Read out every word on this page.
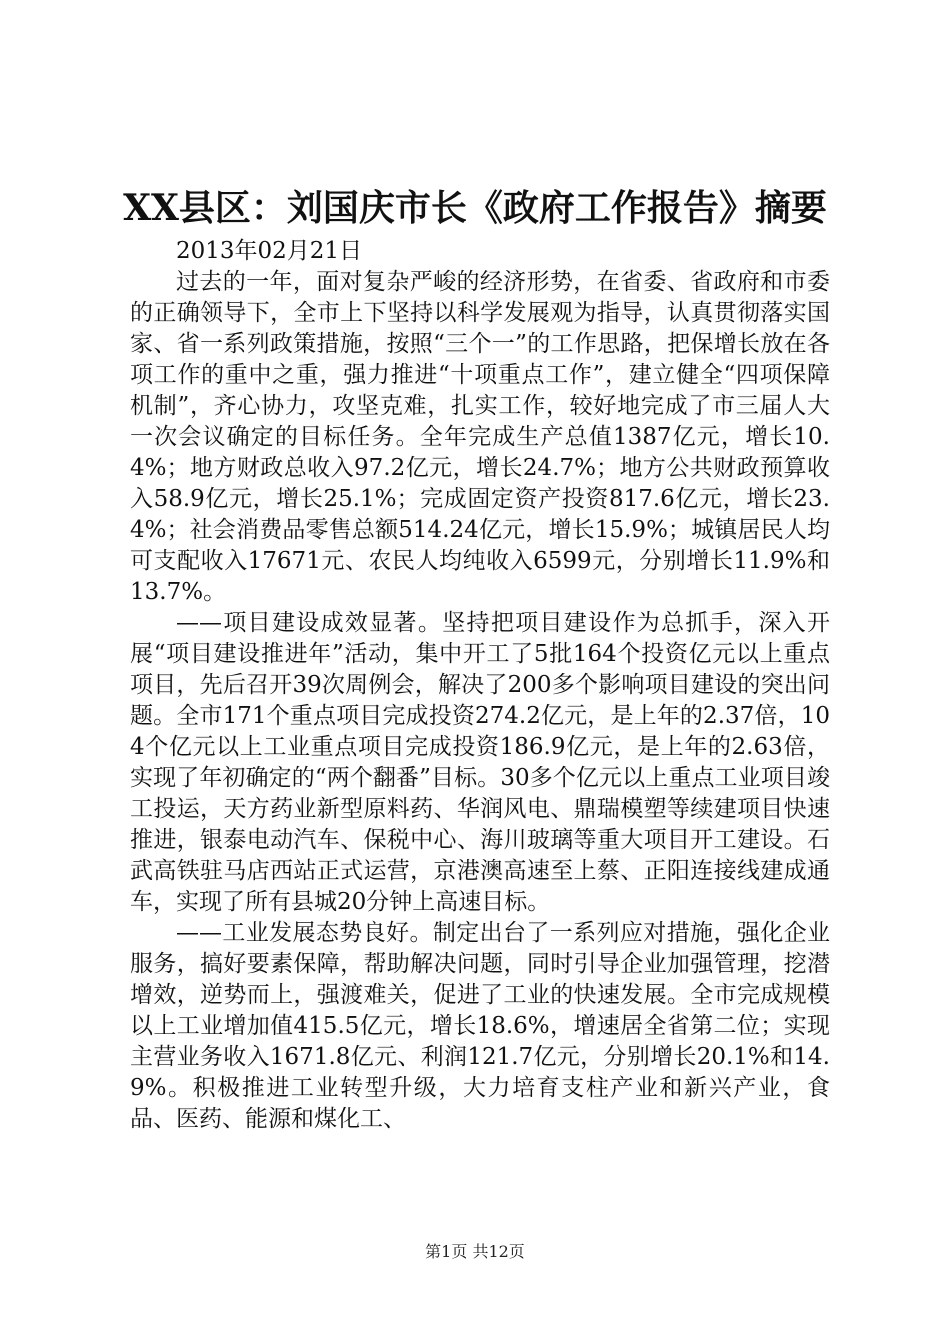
XX县区：刘国庆市长《政府工作报告》摘要

2013年02月21日

过去的一年，面对复杂严峻的经济形势，在省委、省政府和市委的正确领导下，全市上下坚持以科学发展观为指导，认真贯彻落实国家、省一系列政策措施，按照“三个一”的工作思路，把保增长放在各项工作的重中之重，强力推进“十项重点工作”，建立健全“四项保障机制”，齐心协力，攻坚克难，扎实工作，较好地完成了市三届人大一次会议确定的目标任务。全年完成生产总值1387亿元，增长10.4%；地方财政总收入97.2亿元，增长24.7%；地方公共财政预算收入58.9亿元，增长25.1%；完成固定资产投资817.6亿元，增长23.4%；社会消费品零售总额514.24亿元，增长15.9%；城镇居民人均可支配收入17671元、农民人均纯收入6599元，分别增长11.9%和13.7%。

——项目建设成效显著。坚持把项目建设作为总抓手，深入开展“项目建设推进年”活动，集中开工了5批164个投资亿元以上重点项目，先后召开39次周例会，解决了200多个影响项目建设的突出问题。全市171个重点项目完成投资274.2亿元，是上年的2.37倍，104个亿元以上工业重点项目完成投资186.9亿元，是上年的2.63倍，实现了年初确定的“两个翻番”目标。30多个亿元以上重点工业项目竣工投运，天方药业新型原料药、华润风电、鼎瑞模塑等续建项目快速推进，银泰电动汽车、保税中心、海川玻璃等重大项目开工建设。石武高铁驻马店西站正式运营，京港澳高速至上蔡、正阳连接线建成通车，实现了所有县城20分钟上高速目标。

——工业发展态势良好。制定出台了一系列应对措施，强化企业服务，搞好要素保障，帮助解决问题，同时引导企业加强管理，挖潜增效，逆势而上，强渡难关，促进了工业的快速发展。全市完成规模以上工业增加值415.5亿元，增长18.6%，增速居全省第二位；实现主营业务收入1671.8亿元、利润121.7亿元，分别增长20.1%和14.9%。积极推进工业转型升级，大力培育支柱产业和新兴产业，食品、医药、能源和煤化工、

第1页 共12页
